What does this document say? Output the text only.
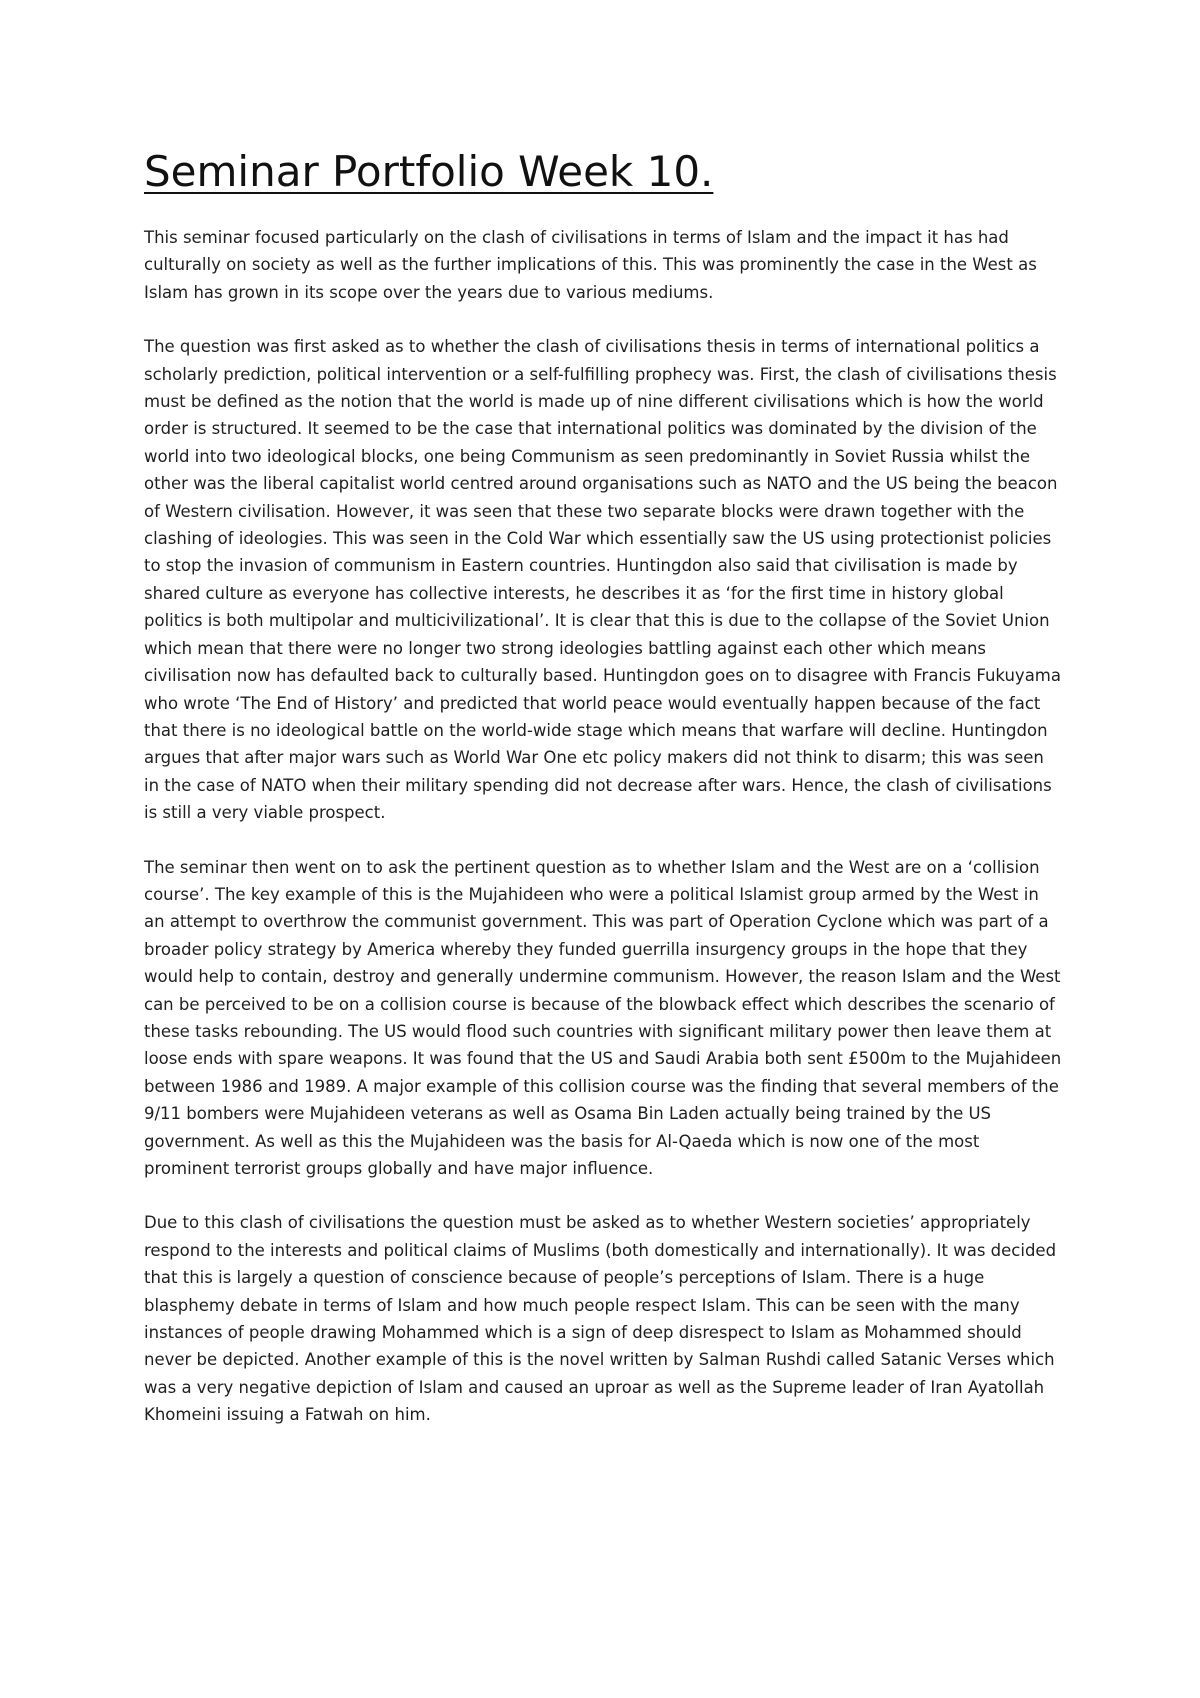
Seminar Portfolio Week 10.

This seminar focused particularly on the clash of civilisations in terms of Islam and the impact it has had culturally on society as well as the further implications of this. This was prominently the case in the West as Islam has grown in its scope over the years due to various mediums.

The question was first asked as to whether the clash of civilisations thesis in terms of international politics a scholarly prediction, political intervention or a self-fulfilling prophecy was. First, the clash of civilisations thesis must be defined as the notion that the world is made up of nine different civilisations which is how the world order is structured. It seemed to be the case that international politics was dominated by the division of the world into two ideological blocks, one being Communism as seen predominantly in Soviet Russia whilst the other was the liberal capitalist world centred around organisations such as NATO and the US being the beacon of Western civilisation. However, it was seen that these two separate blocks were drawn together with the clashing of ideologies. This was seen in the Cold War which essentially saw the US using protectionist policies to stop the invasion of communism in Eastern countries. Huntingdon also said that civilisation is made by shared culture as everyone has collective interests, he describes it as ‘for the first time in history global politics is both multipolar and multicivilizational’. It is clear that this is due to the collapse of the Soviet Union which mean that there were no longer two strong ideologies battling against each other which means civilisation now has defaulted back to culturally based. Huntingdon goes on to disagree with Francis Fukuyama who wrote ‘The End of History’ and predicted that world peace would eventually happen because of the fact that there is no ideological battle on the world-wide stage which means that warfare will decline. Huntingdon argues that after major wars such as World War One etc policy makers did not think to disarm; this was seen in the case of NATO when their military spending did not decrease after wars. Hence, the clash of civilisations is still a very viable prospect.

The seminar then went on to ask the pertinent question as to whether Islam and the West are on a ‘collision course’. The key example of this is the Mujahideen who were a political Islamist group armed by the West in an attempt to overthrow the communist government. This was part of Operation Cyclone which was part of a broader policy strategy by America whereby they funded guerrilla insurgency groups in the hope that they would help to contain, destroy and generally undermine communism. However, the reason Islam and the West can be perceived to be on a collision course is because of the blowback effect which describes the scenario of these tasks rebounding. The US would flood such countries with significant military power then leave them at loose ends with spare weapons. It was found that the US and Saudi Arabia both sent £500m to the Mujahideen between 1986 and 1989. A major example of this collision course was the finding that several members of the 9/11 bombers were Mujahideen veterans as well as Osama Bin Laden actually being trained by the US government. As well as this the Mujahideen was the basis for Al-Qaeda which is now one of the most prominent terrorist groups globally and have major influence.

Due to this clash of civilisations the question must be asked as to whether Western societies’ appropriately respond to the interests and political claims of Muslims (both domestically and internationally). It was decided that this is largely a question of conscience because of people’s perceptions of Islam. There is a huge blasphemy debate in terms of Islam and how much people respect Islam. This can be seen with the many instances of people drawing Mohammed which is a sign of deep disrespect to Islam as Mohammed should never be depicted. Another example of this is the novel written by Salman Rushdi called Satanic Verses which was a very negative depiction of Islam and caused an uproar as well as the Supreme leader of Iran Ayatollah Khomeini issuing a Fatwah on him.
